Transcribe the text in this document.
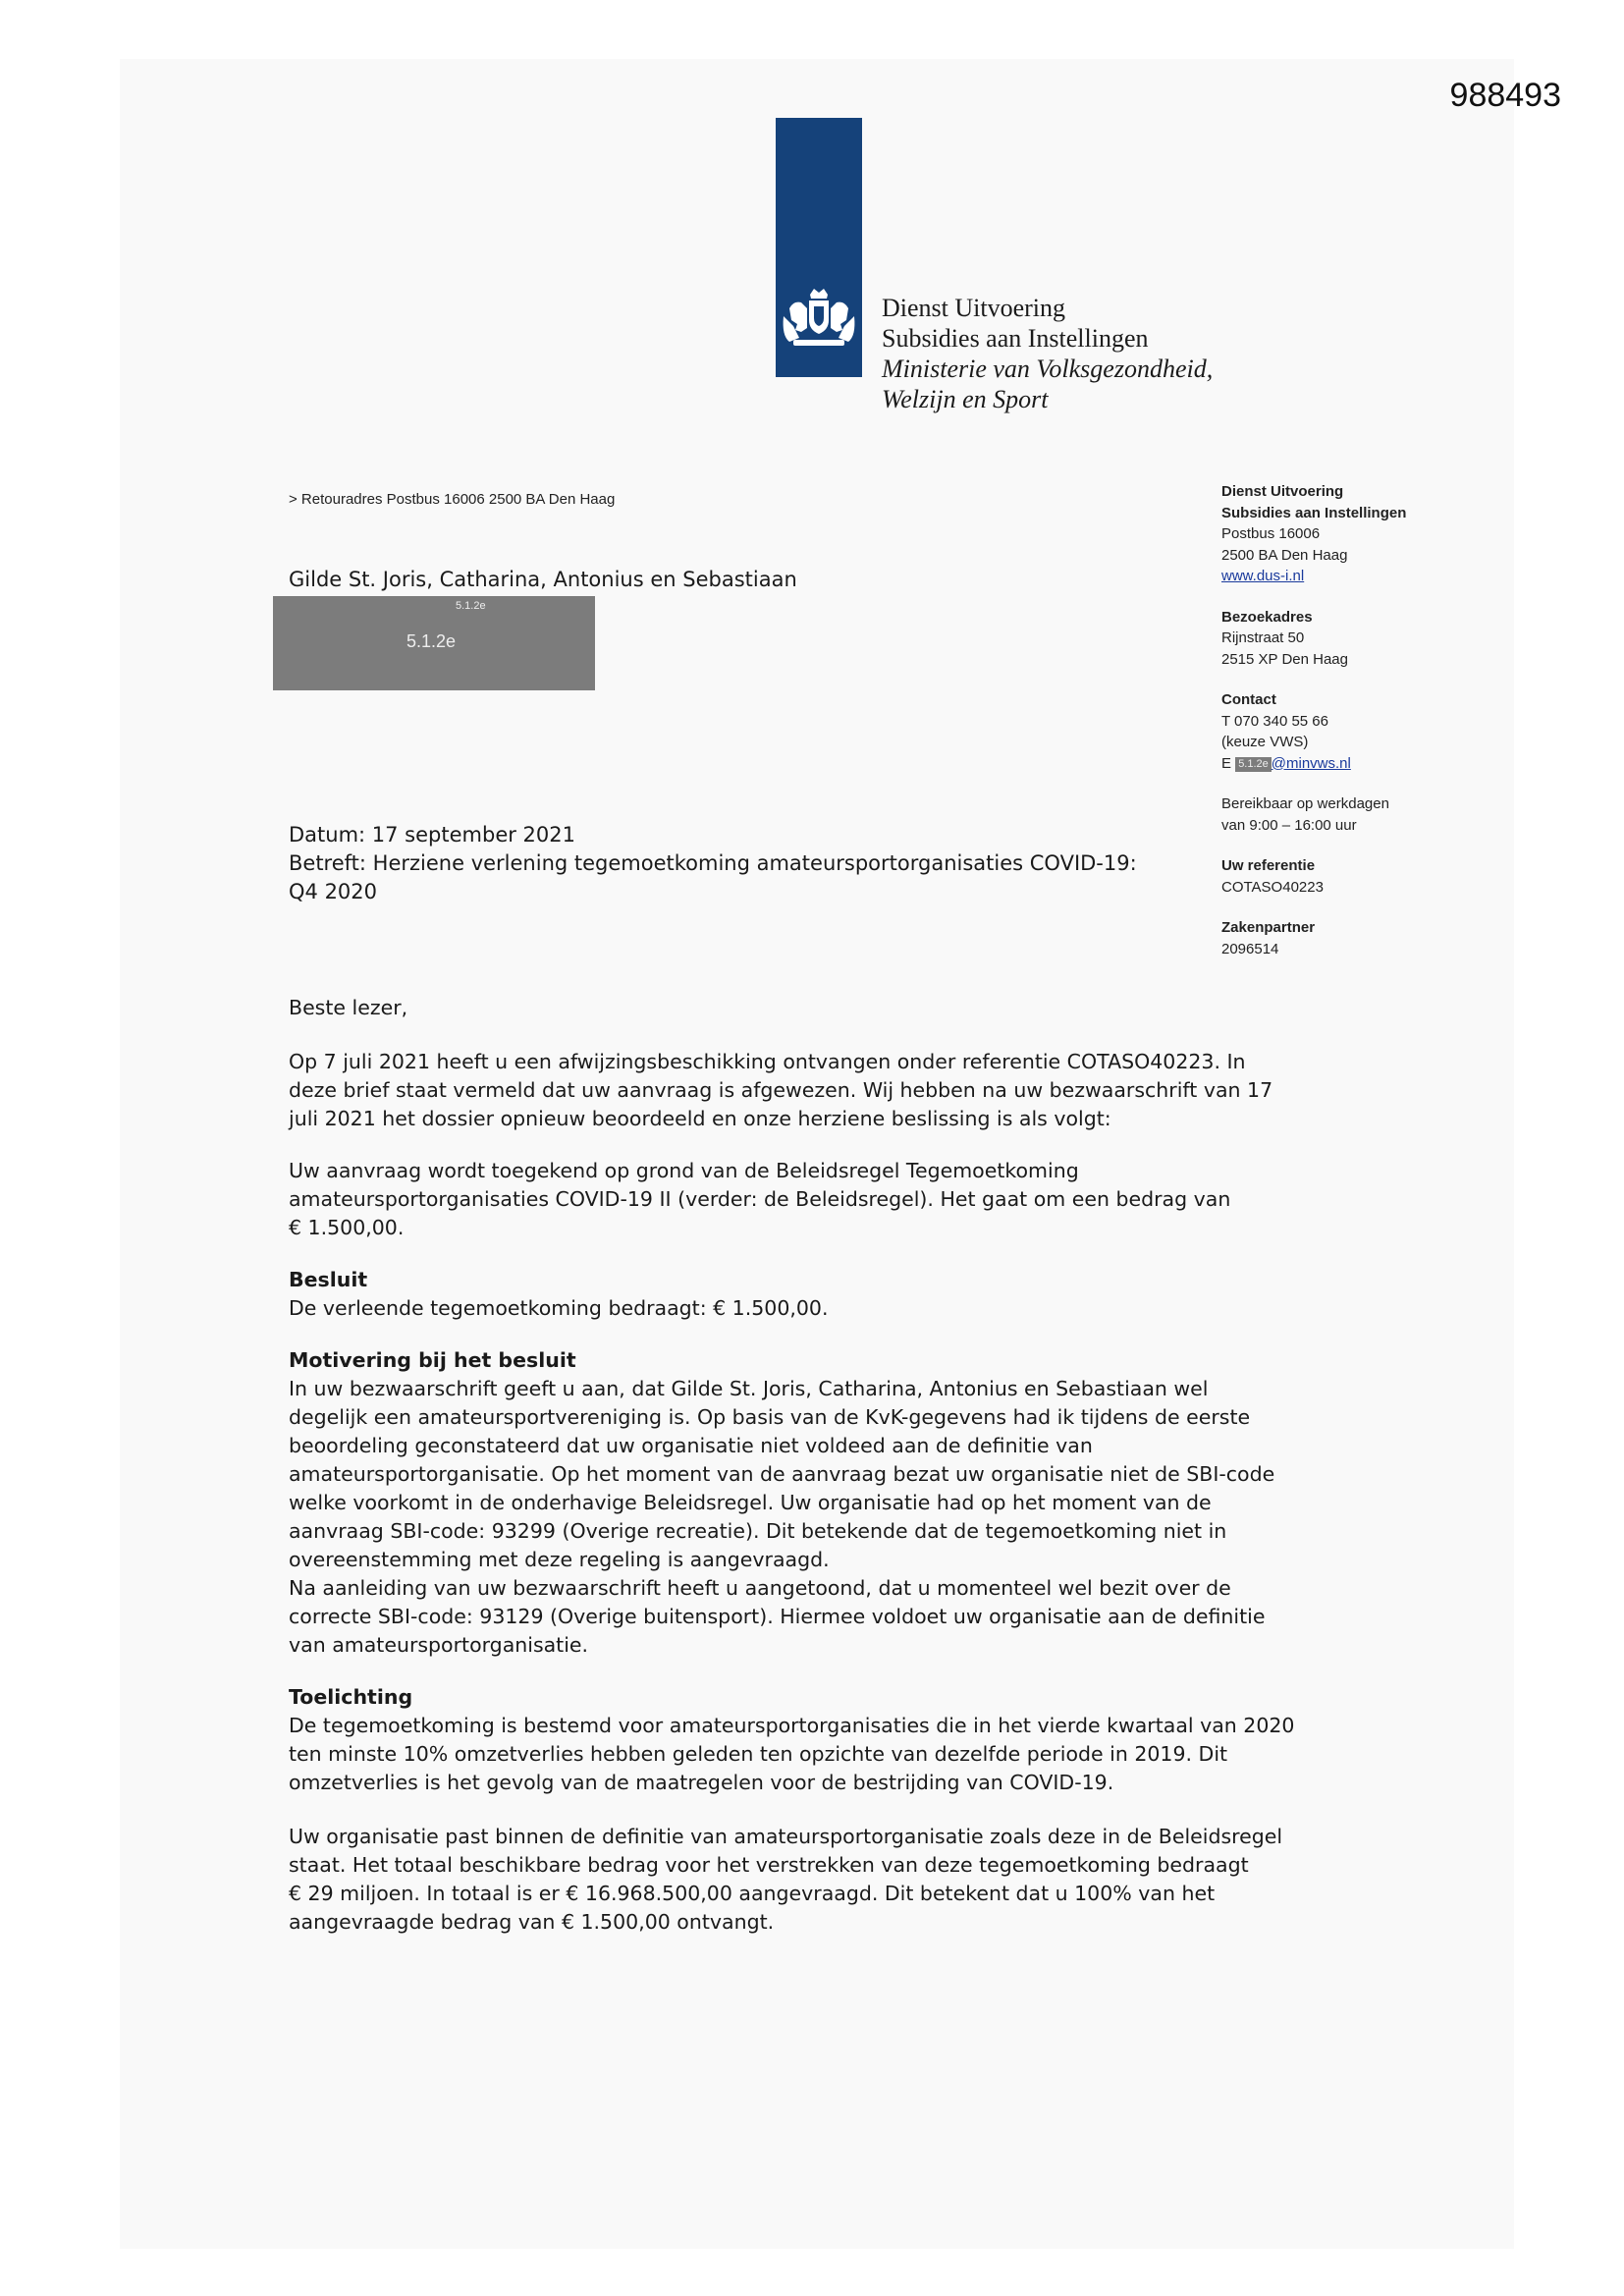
988493
Dienst Uitvoering
Subsidies aan Instellingen
Ministerie van Volksgezondheid,
Welzijn en Sport
> Retouradres Postbus 16006 2500 BA Den Haag
Gilde St. Joris, Catharina, Antonius en Sebastiaan
5.1.2e
5.1.2e
Dienst Uitvoering
Subsidies aan Instellingen
Postbus 16006
2500 BA Den Haag
www.dus-i.nl
Bezoekadres
Rijnstraat 50
2515 XP Den Haag
Contact
T 070 340 55 66
(keuze VWS)
E 5.1.2e @minvws.nl
Bereikbaar op werkdagen
van 9:00 – 16:00 uur
Uw referentie
COTASO40223
Zakenpartner
2096514
Datum: 17 september 2021
Betreft: Herziene verlening tegemoetkoming amateursportorganisaties COVID-19:
Q4 2020

Beste lezer,

Op 7 juli 2021 heeft u een afwijzingsbeschikking ontvangen onder referentie COTASO40223. In

deze brief staat vermeld dat uw aanvraag is afgewezen. Wij hebben na uw bezwaarschrift van 17

juli 2021 het dossier opnieuw beoordeeld en onze herziene beslissing is als volgt:

Uw aanvraag wordt toegekend op grond van de Beleidsregel Tegemoetkoming

amateursportorganisaties COVID-19 II (verder: de Beleidsregel). Het gaat om een bedrag van

€ 1.500,00.

Besluit

De verleende tegemoetkoming bedraagt: € 1.500,00.

Motivering bij het besluit

In uw bezwaarschrift geeft u aan, dat Gilde St. Joris, Catharina, Antonius en Sebastiaan wel

degelijk een amateursportvereniging is. Op basis van de KvK-gegevens had ik tijdens de eerste

beoordeling geconstateerd dat uw organisatie niet voldeed aan de definitie van

amateursportorganisatie. Op het moment van de aanvraag bezat uw organisatie niet de SBI-code

welke voorkomt in de onderhavige Beleidsregel. Uw organisatie had op het moment van de

aanvraag SBI-code: 93299 (Overige recreatie). Dit betekende dat de tegemoetkoming niet in

overeenstemming met deze regeling is aangevraagd.

Na aanleiding van uw bezwaarschrift heeft u aangetoond, dat u momenteel wel bezit over de

correcte SBI-code: 93129 (Overige buitensport). Hiermee voldoet uw organisatie aan de definitie

van amateursportorganisatie.

Toelichting

De tegemoetkoming is bestemd voor amateursportorganisaties die in het vierde kwartaal van 2020

ten minste 10% omzetverlies hebben geleden ten opzichte van dezelfde periode in 2019. Dit

omzetverlies is het gevolg van de maatregelen voor de bestrijding van COVID-19.

Uw organisatie past binnen de definitie van amateursportorganisatie zoals deze in de Beleidsregel

staat. Het totaal beschikbare bedrag voor het verstrekken van deze tegemoetkoming bedraagt

€ 29 miljoen. In totaal is er € 16.968.500,00 aangevraagd. Dit betekent dat u 100% van het

aangevraagde bedrag van € 1.500,00 ontvangt.
